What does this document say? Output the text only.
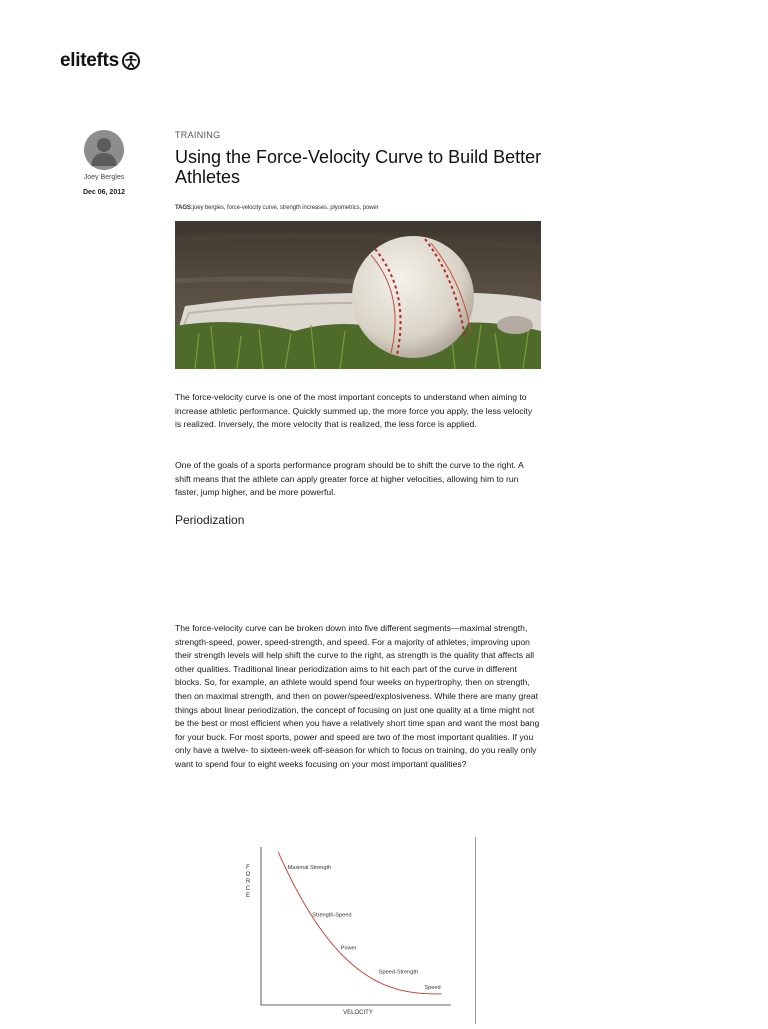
elitefts
Joey Bergles
Dec 06, 2012
TRAINING
Using the Force-Velocity Curve to Build Better Athletes
TAGS:joey bergles, force-velocity curve, strength increases, plyometrics, power

The force-velocity curve is one of the most important concepts to understand when aiming to increase athletic performance. Quickly summed up, the more force you apply, the less velocity is realized. Inversely, the more velocity that is realized, the less force is applied.

One of the goals of a sports performance program should be to shift the curve to the right. A shift means that the athlete can apply greater force at higher velocities, allowing him to run faster, jump higher, and be more powerful.

Periodization

The force-velocity curve can be broken down into five different segments—maximal strength, strength-speed, power, speed-strength, and speed. For a majority of athletes, improving upon their strength levels will help shift the curve to the right, as strength is the quality that affects all other qualities. Traditional linear periodization aims to hit each part of the curve in different blocks. So, for example, an athlete would spend four weeks on hypertrophy, then on strength, then on maximal strength, and then on power/speed/explosiveness. While there are many great things about linear periodization, the concept of focusing on just one quality at a time might not be the best or most efficient when you have a relatively short time span and want the most bang for your buck. For most sports, power and speed are two of the most important qualities. If you only have a twelve- to sixteen-week off-season for which to focus on training, do you really only want to spend four to eight weeks focusing on your most important qualities?

F O R C E
VELOCITY
Maximal Strength
Strength-Speed
Power
Speed-Strength
Speed
